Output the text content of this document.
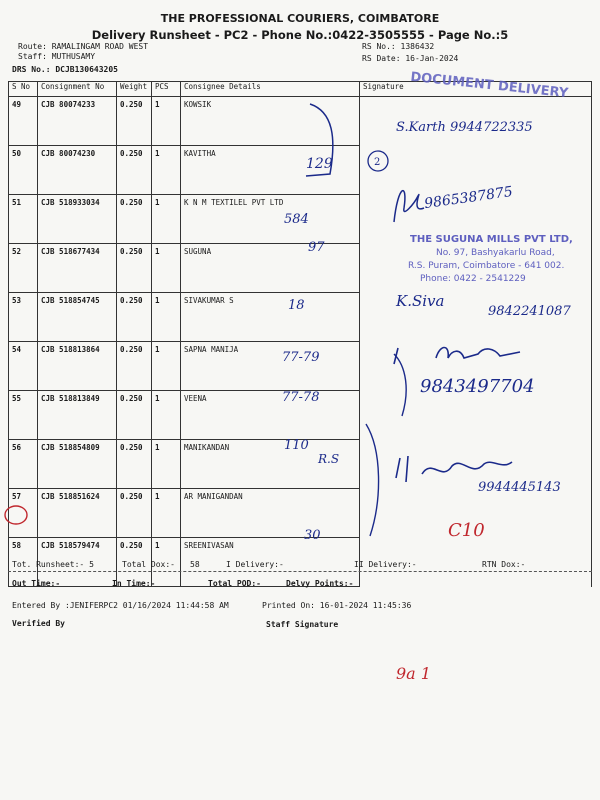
THE PROFESSIONAL COURIERS, COIMBATORE
Delivery Runsheet - PC2 - Phone No.:0422-3505555 - Page No.:5
Route: RAMALINGAM ROAD WEST
Staff: MUTHUSAMY
DRS No.: DCJB130643205
RS No.: 1386432
RS Date: 16-Jan-2024
S No	Consignment No	Weight	PCS	Consignee Details	Signature
49	CJB 80074233	0.250	1	KOWSIK	
50	CJB 80074230	0.250	1	KAVITHA	
51	CJB 518933034	0.250	1	K N M TEXTILEL PVT LTD	
52	CJB 518677434	0.250	1	SUGUNA	
53	CJB 518854745	0.250	1	SIVAKUMAR S	
54	CJB 518813864	0.250	1	SAPNA MANIJA	
55	CJB 518813849	0.250	1	VEENA	
56	CJB 518854809	0.250	1	MANIKANDAN	
57	CJB 518851624	0.250	1	AR MANIGANDAN	
58	CJB 518579474	0.250	1	SREENIVASAN	
DOCUMENT DELIVERY
S.Karth 9944722335
129	2
9865387875
584
97
THE SUGUNA MILLS PVT LTD,
No. 97, Bashyakarlu Road,
R.S. Puram, Coimbatore - 641 002.
Phone: 0422 - 2541229
18	K.Siva
9842241087
77-79
9843497704
77-78
110
R.S
9944445143
30	C10
Tot. Runsheet:- 5	Total Dox:- 58	I Delivery:-	II Delivery:-	RTN Dox:-
Out Time:-	In Time:-	Total POD:-	Delvy Points:-
Entered By :JENIFERPC2 01/16/2024 11:44:58 AM	Printed On: 16-01-2024 11:45:36
Verified By	Staff Signature
9a 1
